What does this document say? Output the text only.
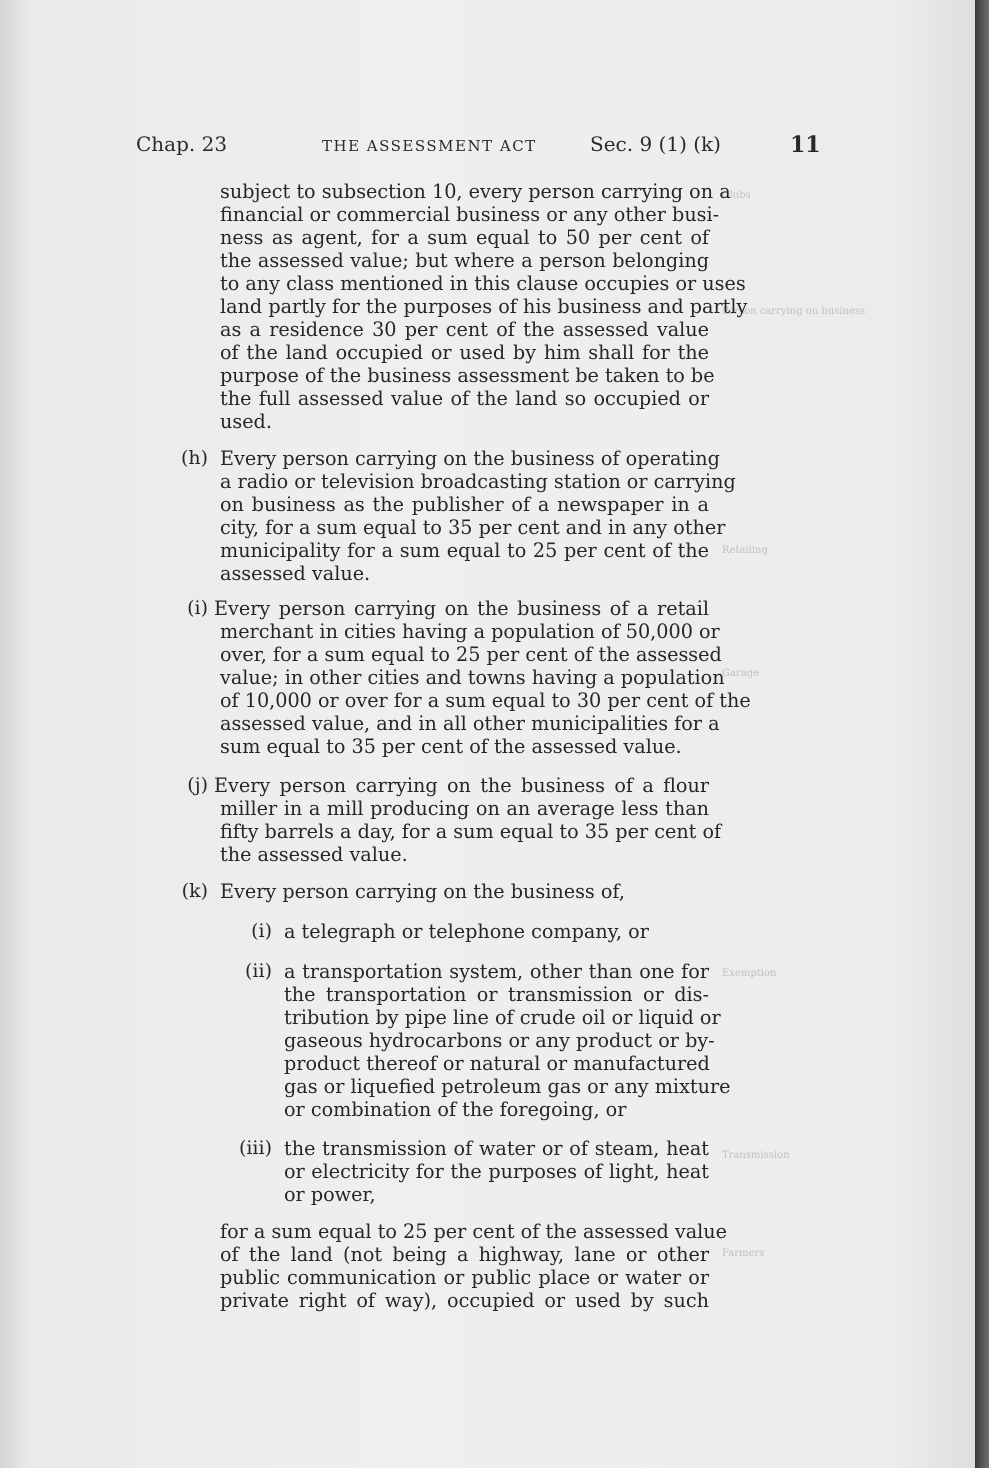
Chap. 23	THE ASSESSMENT ACT	Sec. 9 (1) (k)	11
Clubs
Person carrying on business
Retailing
Garage
Exemption
Transmission
Farmers
subject to subsection 10, every person carrying on a
financial or commercial business or any other busi-
ness as agent, for a sum equal to 50 per cent of
the assessed value; but where a person belonging
to any class mentioned in this clause occupies or uses
land partly for the purposes of his business and partly
as a residence 30 per cent of the assessed value
of the land occupied or used by him shall for the
purpose of the business assessment be taken to be
the full assessed value of the land so occupied or
used.
(h) Every person carrying on the business of operating
a radio or television broadcasting station or carrying
on business as the publisher of a newspaper in a
city, for a sum equal to 35 per cent and in any other
municipality for a sum equal to 25 per cent of the
assessed value.
(i) Every person carrying on the business of a retail
merchant in cities having a population of 50,000 or
over, for a sum equal to 25 per cent of the assessed
value; in other cities and towns having a population
of 10,000 or over for a sum equal to 30 per cent of the
assessed value, and in all other municipalities for a
sum equal to 35 per cent of the assessed value.
(j) Every person carrying on the business of a flour
miller in a mill producing on an average less than
fifty barrels a day, for a sum equal to 35 per cent of
the assessed value.
(k) Every person carrying on the business of,
(i) a telegraph or telephone company, or
(ii) a transportation system, other than one for
the transportation or transmission or dis-
tribution by pipe line of crude oil or liquid or
gaseous hydrocarbons or any product or by-
product thereof or natural or manufactured
gas or liquefied petroleum gas or any mixture
or combination of the foregoing, or
(iii) the transmission of water or of steam, heat
or electricity for the purposes of light, heat
or power,
for a sum equal to 25 per cent of the assessed value
of the land (not being a highway, lane or other
public communication or public place or water or
private right of way), occupied or used by such
